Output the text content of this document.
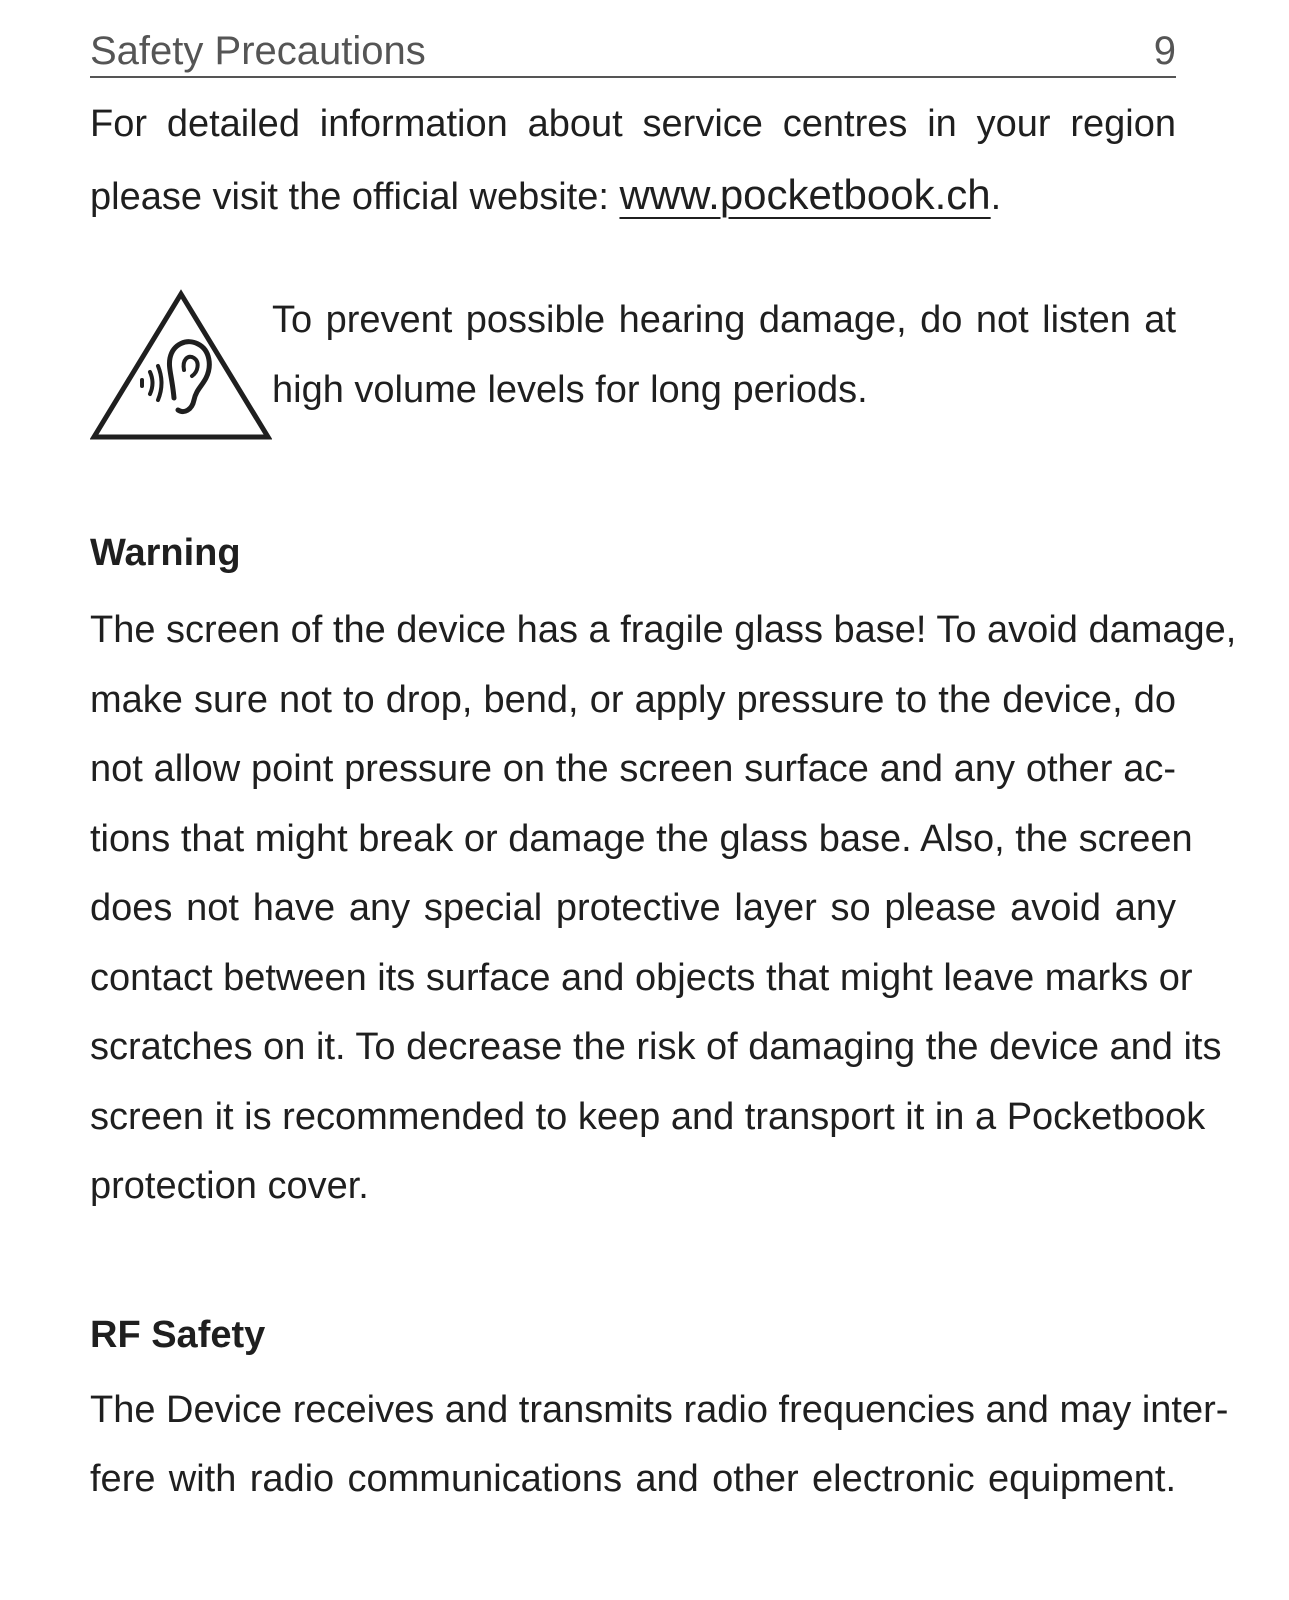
Safety Precautions	9
For detailed information about service centres in your region
please visit the official website: www.pocketbook.ch.
To prevent possible hearing damage, do not listen at
high volume levels for long periods.
Warning
The screen of the device has a fragile glass base! To avoid damage,
make sure not to drop, bend, or apply pressure to the device, do
not allow point pressure on the screen surface and any other ac-
tions that might break or damage the glass base. Also, the screen
does not have any special protective layer so please avoid any
contact between its surface and objects that might leave marks or
scratches on it. To decrease the risk of damaging the device and its
screen it is recommended to keep and transport it in a Pocketbook
protection cover.
RF Safety
The Device receives and transmits radio frequencies and may inter-
fere with radio communications and other electronic equipment.
